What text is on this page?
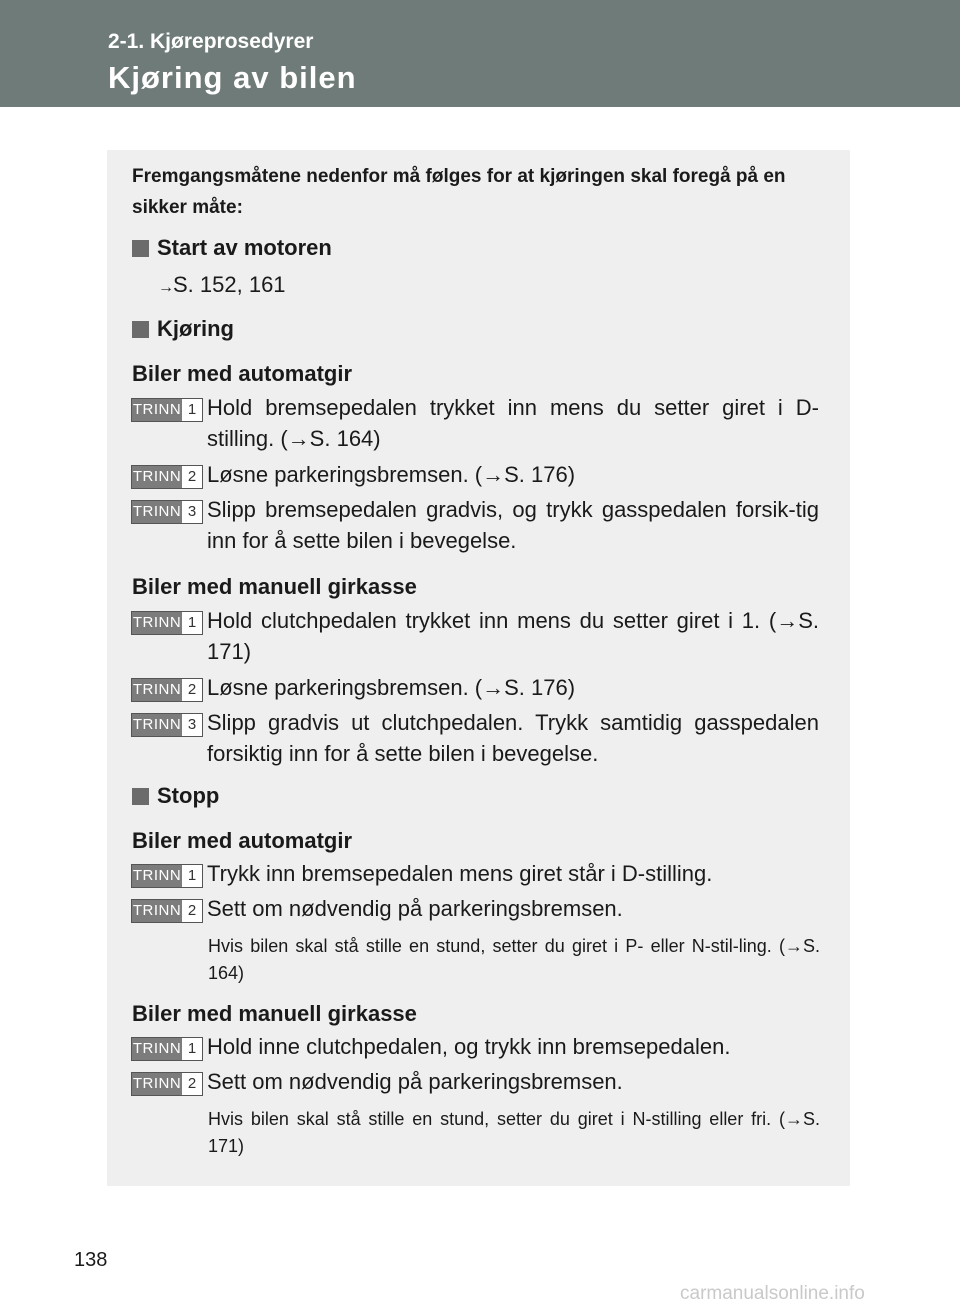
2-1. Kjøreprosedyrer
Kjøring av bilen
Fremgangsmåtene nedenfor må følges for at kjøringen skal foregå på en sikker måte:
Start av motoren
→S. 152, 161
Kjøring
Biler med automatgir
TRINN 1 Hold bremsepedalen trykket inn mens du setter giret i D-stilling. (→S. 164)
TRINN 2 Løsne parkeringsbremsen. (→S. 176)
TRINN 3 Slipp bremsepedalen gradvis, og trykk gasspedalen forsik-tig inn for å sette bilen i bevegelse.
Biler med manuell girkasse
TRINN 1 Hold clutchpedalen trykket inn mens du setter giret i 1. (→S. 171)
TRINN 2 Løsne parkeringsbremsen. (→S. 176)
TRINN 3 Slipp gradvis ut clutchpedalen. Trykk samtidig gasspedalen forsiktig inn for å sette bilen i bevegelse.
Stopp
Biler med automatgir
TRINN 1 Trykk inn bremsepedalen mens giret står i D-stilling.
TRINN 2 Sett om nødvendig på parkeringsbremsen.
Hvis bilen skal stå stille en stund, setter du giret i P- eller N-stil-ling. (→S. 164)
Biler med manuell girkasse
TRINN 1 Hold inne clutchpedalen, og trykk inn bremsepedalen.
TRINN 2 Sett om nødvendig på parkeringsbremsen.
Hvis bilen skal stå stille en stund, setter du giret i N-stilling eller fri. (→S. 171)
138
carmanualsonline.info
